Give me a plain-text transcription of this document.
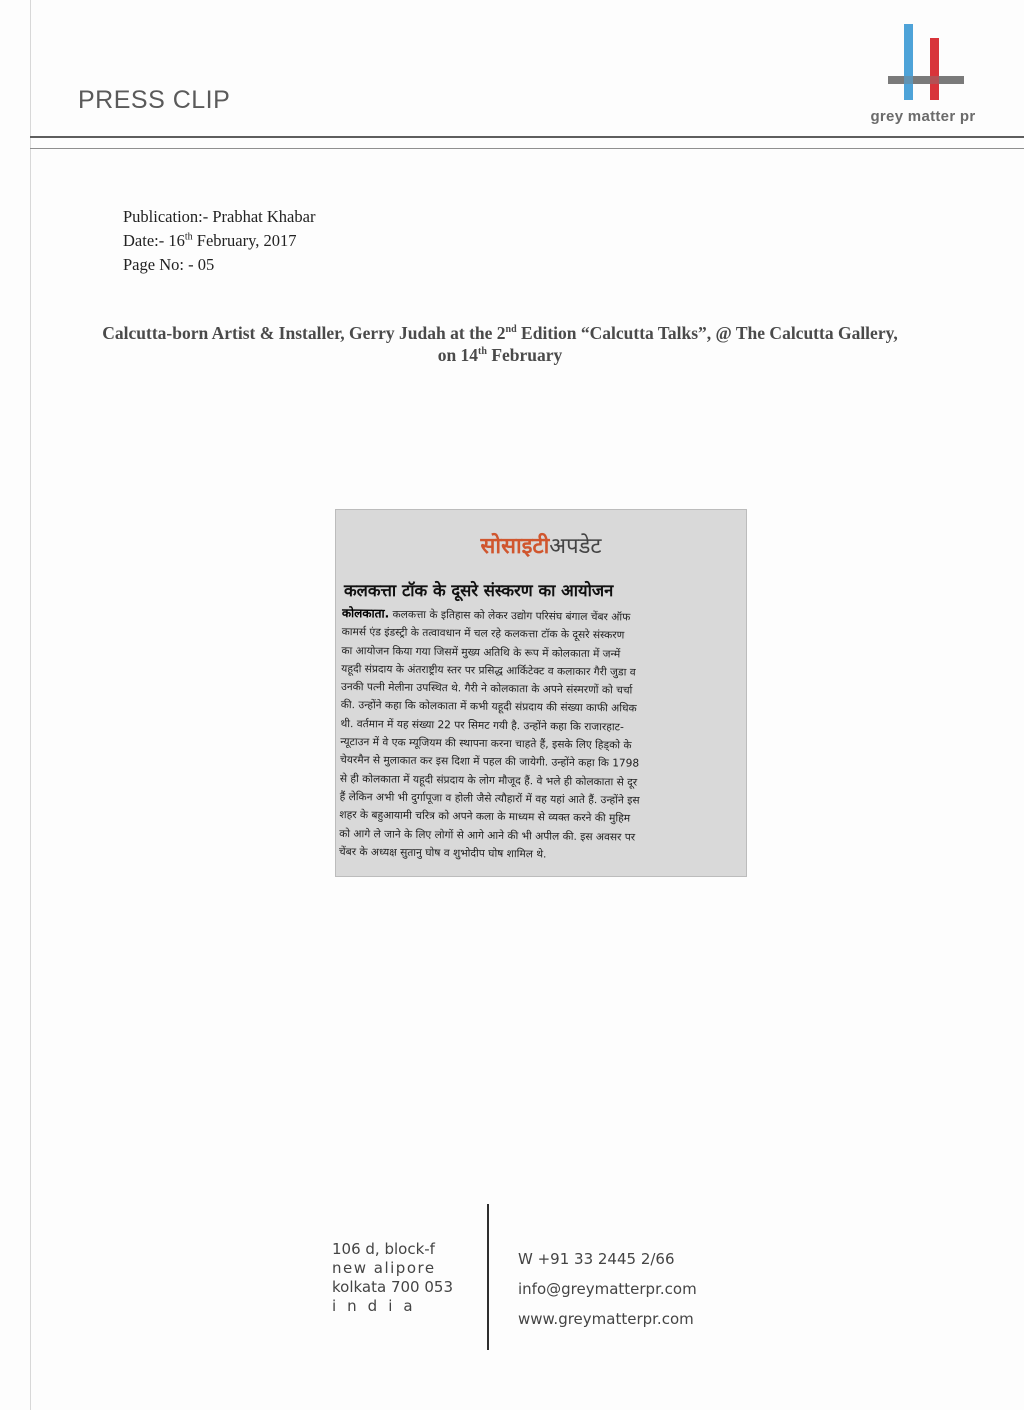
PRESS CLIP
grey matter pr
Publication:- Prabhat Khabar
Date:- 16th February, 2017
Page No: - 05
Calcutta-born Artist & Installer, Gerry Judah at the 2nd Edition “Calcutta Talks”, @ The Calcutta Gallery, on 14th February
सोसाइटीअपडेट
कलकत्ता टॉक के दूसरे संस्करण का आयोजन
कोलकाता. कलकत्ता के इतिहास को लेकर उद्योग परिसंघ बंगाल चेंबर ऑफ
कामर्स एंड इंडस्ट्री के तत्वावधान में चल रहे कलकत्ता टॉक के दूसरे संस्करण
का आयोजन किया गया जिसमें मुख्य अतिथि के रूप में कोलकाता में जन्में
यहूदी संप्रदाय के अंतराष्ट्रीय स्तर पर प्रसिद्ध आर्किटेक्ट व कलाकार गैरी जुडा व
उनकी पत्नी मेलीना उपस्थित थे. गैरी ने कोलकाता के अपने संस्मरणों को चर्चा
की. उन्होंने कहा कि कोलकाता में कभी यहूदी संप्रदाय की संख्या काफी अधिक
थी. वर्तमान में यह संख्या 22 पर सिमट गयी है. उन्होंने कहा कि राजारहाट-
न्यूटाउन में वे एक म्यूजियम की स्थापना करना चाहते हैं, इसके लिए हिड्को के
चेयरमैन से मुलाकात कर इस दिशा में पहल की जायेगी. उन्होंने कहा कि 1798
से ही कोलकाता में यहूदी संप्रदाय के लोग मौजूद हैं. वे भले ही कोलकाता से दूर
हैं लेकिन अभी भी दुर्गापूजा व होली जैसे त्यौहारों में वह यहां आते हैं. उन्होंने इस
शहर के बहुआयामी चरित्र को अपने कला के माध्यम से व्यक्त करने की मुहिम
को आगे ले जाने के लिए लोगों से आगे आने की भी अपील की. इस अवसर पर
चेंबर के अध्यक्ष सुतानु घोष व शुभोदीप घोष शामिल थे.
106 d, block-f
new alipore
kolkata 700 053
india
W +91 33 2445 2/66
info@greymatterpr.com
www.greymatterpr.com
